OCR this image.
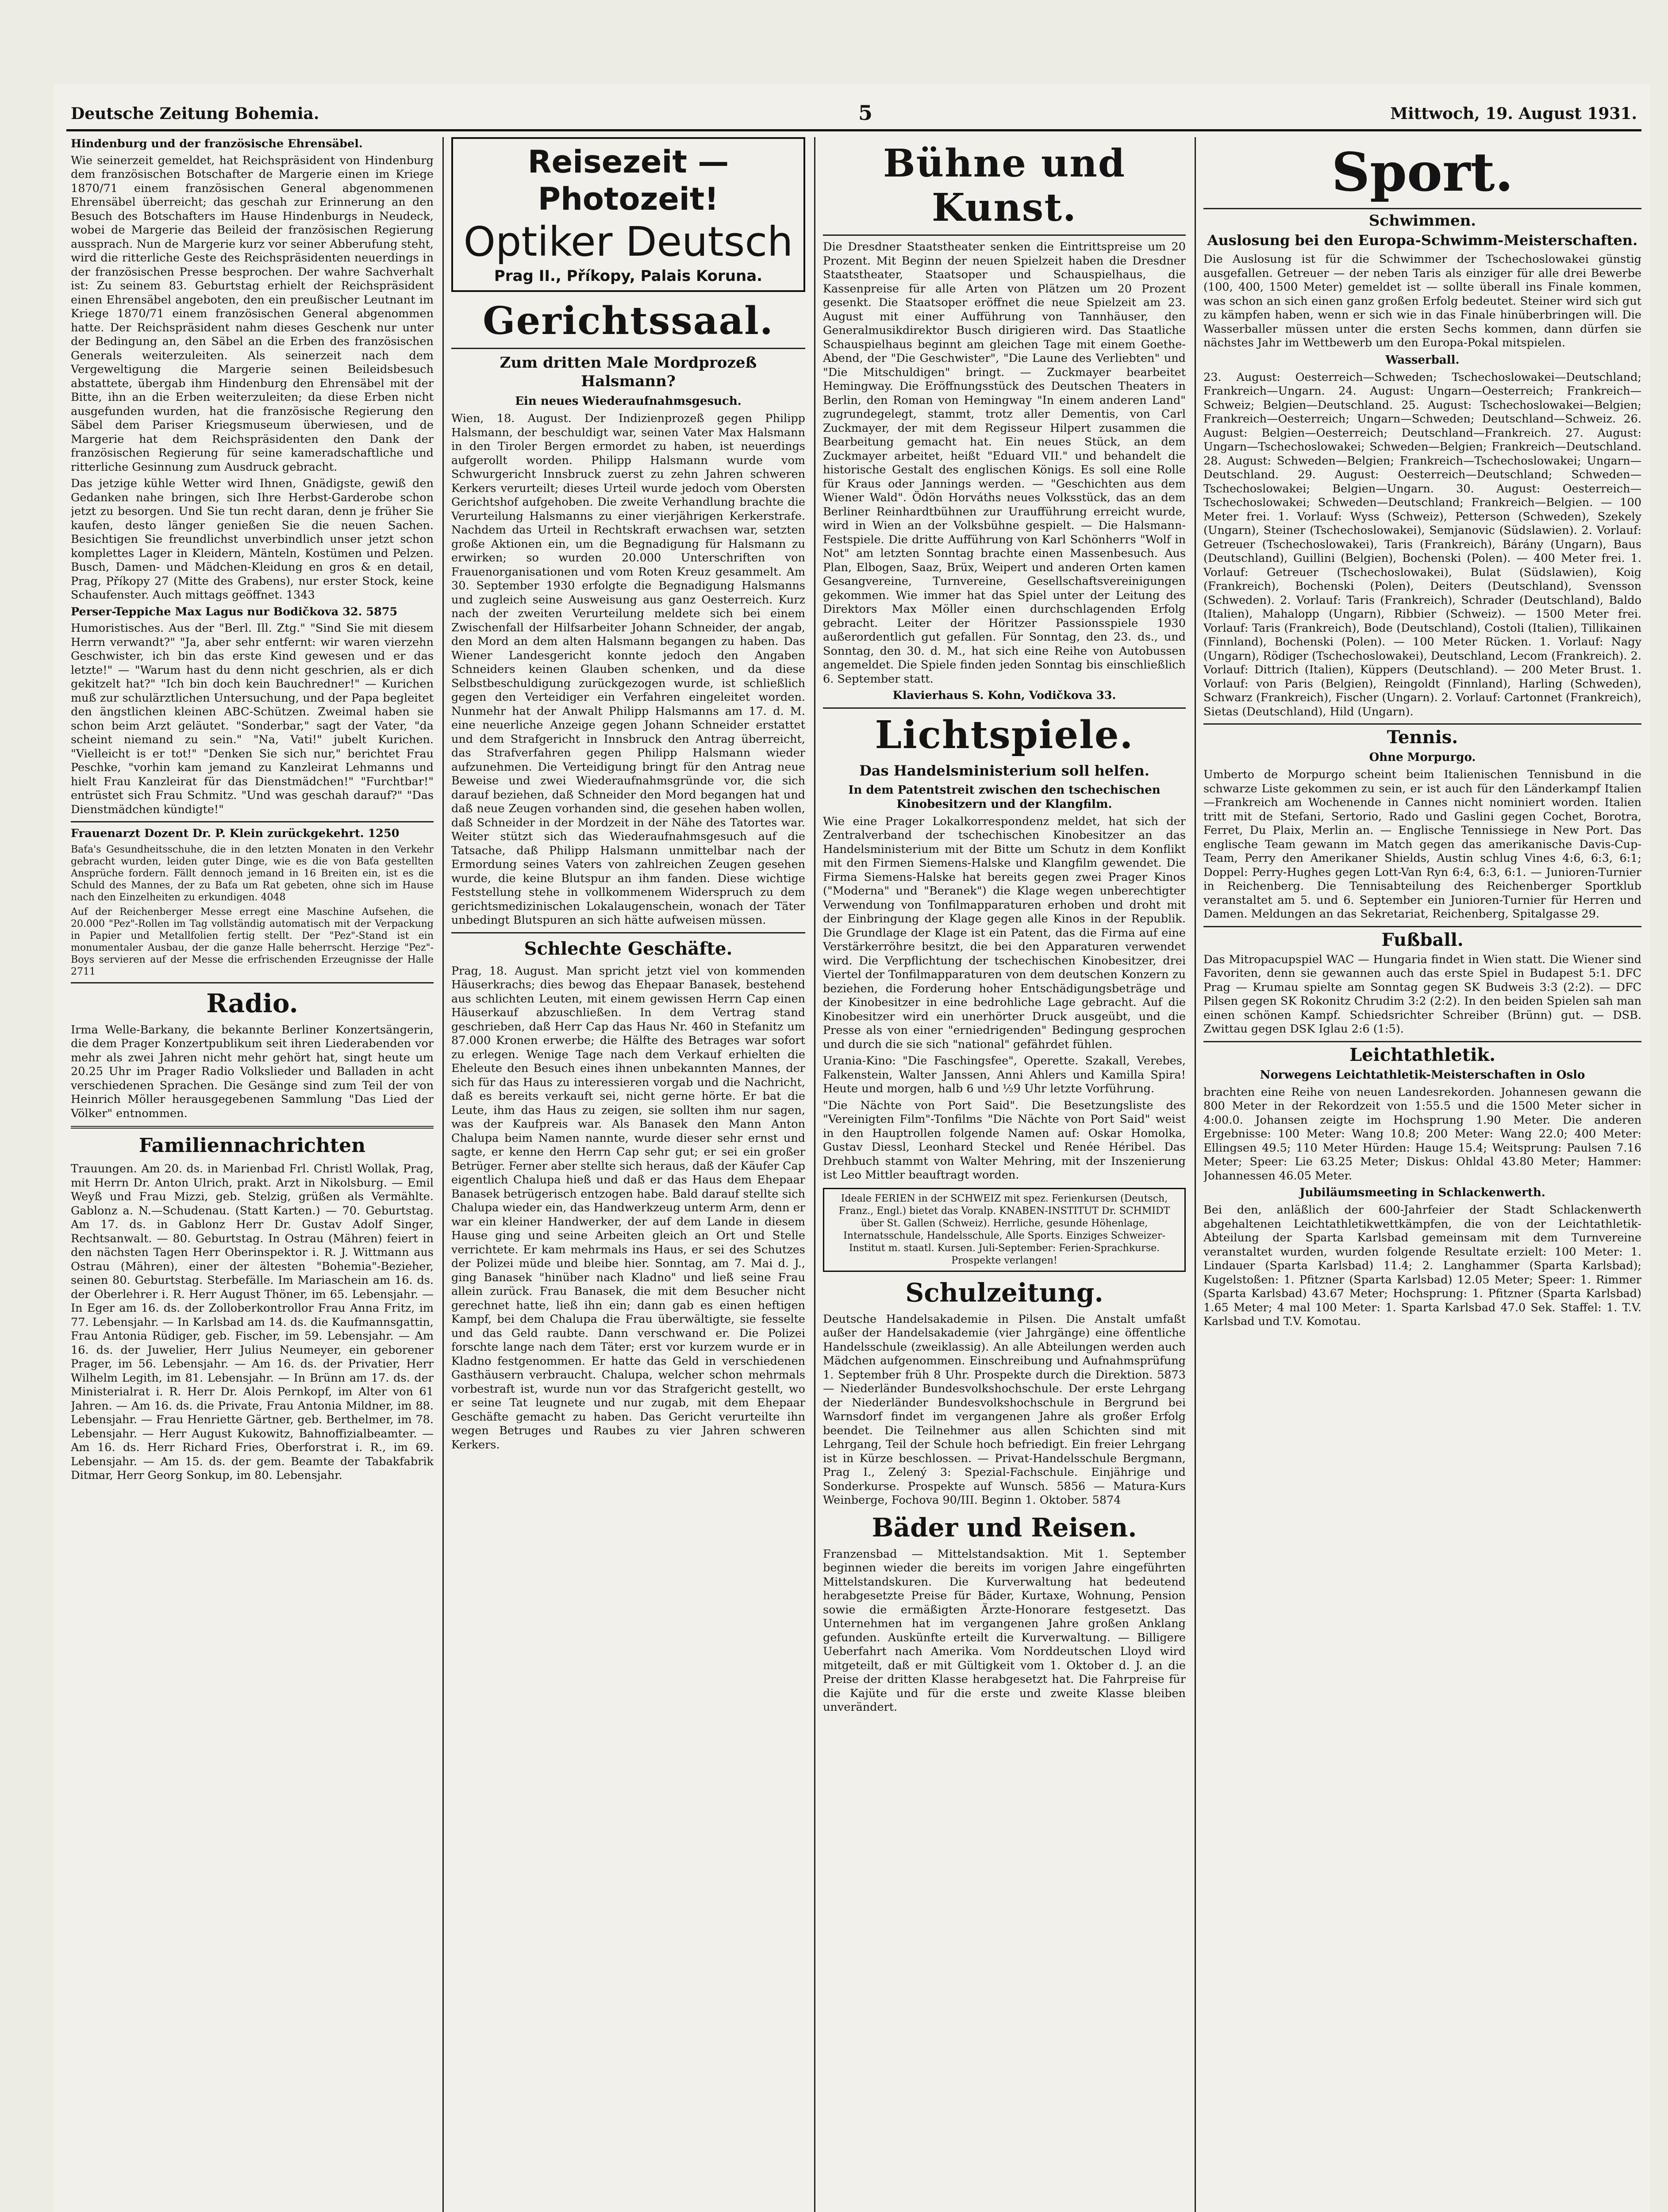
Deutsche Zeitung Bohemia.	5	Mittwoch, 19. August 1931.

Hindenburg und der französische Ehrensäbel.

Wie seinerzeit gemeldet, hat Reichspräsident von Hindenburg dem französischen Botschafter de Margerie einen im Kriege 1870/71 einem französischen General abgenommenen Ehrensäbel überreicht; das geschah zur Erinnerung an den Besuch des Botschafters im Hause Hindenburgs in Neudeck, wobei de Margerie das Beileid der französischen Regierung aussprach. Nun de Margerie kurz vor seiner Abberufung steht, wird die ritterliche Geste des Reichspräsidenten neuerdings in der französischen Presse besprochen. Der wahre Sachverhalt ist: Zu seinem 83. Geburtstag erhielt der Reichspräsident einen Ehrensäbel angeboten, den ein preußischer Leutnant im Kriege 1870/71 einem französischen General abgenommen hatte. Der Reichspräsident nahm dieses Geschenk nur unter der Bedingung an, den Säbel an die Erben des französischen Generals weiterzuleiten. Als seinerzeit nach dem Vergeweltigung die Margerie seinen Beileidsbesuch abstattete, übergab ihm Hindenburg den Ehrensäbel mit der Bitte, ihn an die Erben weiterzuleiten; da diese Erben nicht ausgefunden wurden, hat die französische Regierung den Säbel dem Pariser Kriegsmuseum überwiesen, und de Margerie hat dem Reichspräsidenten den Dank der französischen Regierung für seine kameradschaftliche und ritterliche Gesinnung zum Ausdruck gebracht.

Das jetzige kühle Wetter wird Ihnen, Gnädigste, gewiß den Gedanken nahe bringen, sich Ihre Herbst-Garderobe schon jetzt zu besorgen. Und Sie tun recht daran, denn je früher Sie kaufen, desto länger genießen Sie die neuen Sachen. Besichtigen Sie freundlichst unverbindlich unser jetzt schon komplettes Lager in Kleidern, Mänteln, Kostümen und Pelzen. Busch, Damen- und Mädchen-Kleidung en gros & en detail, Prag, Příkopy 27 (Mitte des Grabens), nur erster Stock, keine Schaufenster. Auch mittags geöffnet. 1343

Perser-Teppiche Max Lagus nur Bodičkova 32. 5875

Humoristisches. Aus der "Berl. Ill. Ztg." "Sind Sie mit diesem Herrn verwandt?" "Ja, aber sehr entfernt: wir waren vierzehn Geschwister, ich bin das erste Kind gewesen und er das letzte!" — "Warum hast du denn nicht geschrien, als er dich gekitzelt hat?" "Ich bin doch kein Bauchredner!" — Kurichen muß zur schulärztlichen Untersuchung, und der Papa begleitet den ängstlichen kleinen ABC-Schützen. Zweimal haben sie schon beim Arzt geläutet. "Sonderbar," sagt der Vater, "da scheint niemand zu sein." "Na, Vati!" jubelt Kurichen. "Vielleicht is er tot!" "Denken Sie sich nur," berichtet Frau Peschke, "vorhin kam jemand zu Kanzleirat Lehmanns und hielt Frau Kanzleirat für das Dienstmädchen!" "Furchtbar!" entrüstet sich Frau Schmitz. "Und was geschah darauf?" "Das Dienstmädchen kündigte!"

Frauenarzt Dozent Dr. P. Klein zurückgekehrt. 1250

Baťa's Gesundheitsschuhe, die in den letzten Monaten in den Verkehr gebracht wurden, leiden guter Dinge, wie es die von Baťa gestellten Ansprüche fordern. Fällt dennoch jemand in 16 Breiten ein, ist es die Schuld des Mannes, der zu Baťa um Rat gebeten, ohne sich im Hause nach den Einzelheiten zu erkundigen. 4048

Auf der Reichenberger Messe erregt eine Maschine Aufsehen, die 20.000 "Pez"-Rollen im Tag vollständig automatisch mit der Verpackung in Papier und Metallfolien fertig stellt. Der "Pez"-Stand ist ein monumentaler Ausbau, der die ganze Halle beherrscht. Herzige "Pez"-Boys servieren auf der Messe die erfrischenden Erzeugnisse der Halle 2711

Radio.

Irma Welle-Barkany, die bekannte Berliner Konzertsängerin, die dem Prager Konzertpublikum seit ihren Liederabenden vor mehr als zwei Jahren nicht mehr gehört hat, singt heute um 20.25 Uhr im Prager Radio Volkslieder und Balladen in acht verschiedenen Sprachen. Die Gesänge sind zum Teil der von Heinrich Möller herausgegebenen Sammlung "Das Lied der Völker" entnommen.

Familiennachrichten

Trauungen. Am 20. ds. in Marienbad Frl. Christl Wollak, Prag, mit Herrn Dr. Anton Ulrich, prakt. Arzt in Nikolsburg. — Emil Weyß und Frau Mizzi, geb. Stelzig, grüßen als Vermählte. Gablonz a. N.—Schudenau. (Statt Karten.) — 70. Geburtstag. Am 17. ds. in Gablonz Herr Dr. Gustav Adolf Singer, Rechtsanwalt. — 80. Geburtstag. In Ostrau (Mähren) feiert in den nächsten Tagen Herr Oberinspektor i. R. J. Wittmann aus Ostrau (Mähren), einer der ältesten "Bohemia"-Bezieher, seinen 80. Geburtstag. Sterbefälle. Im Mariaschein am 16. ds. der Oberlehrer i. R. Herr August Thöner, im 65. Lebensjahr. — In Eger am 16. ds. der Zolloberkontrollor Frau Anna Fritz, im 77. Lebensjahr. — In Karlsbad am 14. ds. die Kaufmannsgattin, Frau Antonia Rüdiger, geb. Fischer, im 59. Lebensjahr. — Am 16. ds. der Juwelier, Herr Julius Neumeyer, ein geborener Prager, im 56. Lebensjahr. — Am 16. ds. der Privatier, Herr Wilhelm Legith, im 81. Lebensjahr. — In Brünn am 17. ds. der Ministerialrat i. R. Herr Dr. Alois Pernkopf, im Alter von 61 Jahren. — Am 16. ds. die Private, Frau Antonia Mildner, im 88. Lebensjahr. — Frau Henriette Gärtner, geb. Berthelmer, im 78. Lebensjahr. — Herr August Kukowitz, Bahnoffizialbeamter. — Am 16. ds. Herr Richard Fries, Oberforstrat i. R., im 69. Lebensjahr. — Am 15. ds. der gem. Beamte der Tabakfabrik Ditmar, Herr Georg Sonkup, im 80. Lebensjahr.

Reisezeit — Photozeit!
Optiker Deutsch
Prag II., Příkopy, Palais Koruna.
Gerichtssaal.
Zum dritten Male Mordprozeß Halsmann?
Ein neues Wiederaufnahmsgesuch.

Wien, 18. August. Der Indizienprozeß gegen Philipp Halsmann, der beschuldigt war, seinen Vater Max Halsmann in den Tiroler Bergen ermordet zu haben, ist neuerdings aufgerollt worden. Philipp Halsmann wurde vom Schwurgericht Innsbruck zuerst zu zehn Jahren schweren Kerkers verurteilt; dieses Urteil wurde jedoch vom Obersten Gerichtshof aufgehoben. Die zweite Verhandlung brachte die Verurteilung Halsmanns zu einer vierjährigen Kerkerstrafe. Nachdem das Urteil in Rechtskraft erwachsen war, setzten große Aktionen ein, um die Begnadigung für Halsmann zu erwirken; so wurden 20.000 Unterschriften von Frauenorganisationen und vom Roten Kreuz gesammelt. Am 30. September 1930 erfolgte die Begnadigung Halsmanns und zugleich seine Ausweisung aus ganz Oesterreich. Kurz nach der zweiten Verurteilung meldete sich bei einem Zwischenfall der Hilfsarbeiter Johann Schneider, der angab, den Mord an dem alten Halsmann begangen zu haben. Das Wiener Landesgericht konnte jedoch den Angaben Schneiders keinen Glauben schenken, und da diese Selbstbeschuldigung zurückgezogen wurde, ist schließlich gegen den Verteidiger ein Verfahren eingeleitet worden. Nunmehr hat der Anwalt Philipp Halsmanns am 17. d. M. eine neuerliche Anzeige gegen Johann Schneider erstattet und dem Strafgericht in Innsbruck den Antrag überreicht, das Strafverfahren gegen Philipp Halsmann wieder aufzunehmen. Die Verteidigung bringt für den Antrag neue Beweise und zwei Wiederaufnahmsgründe vor, die sich darauf beziehen, daß Schneider den Mord begangen hat und daß neue Zeugen vorhanden sind, die gesehen haben wollen, daß Schneider in der Mordzeit in der Nähe des Tatortes war. Weiter stützt sich das Wiederaufnahmsgesuch auf die Tatsache, daß Philipp Halsmann unmittelbar nach der Ermordung seines Vaters von zahlreichen Zeugen gesehen wurde, die keine Blutspur an ihm fanden. Diese wichtige Feststellung stehe in vollkommenem Widerspruch zu dem gerichtsmedizinischen Lokalaugenschein, wonach der Täter unbedingt Blutspuren an sich hätte aufweisen müssen.

Schlechte Geschäfte.

Prag, 18. August. Man spricht jetzt viel von kommenden Häuserkrachs; dies bewog das Ehepaar Banasek, bestehend aus schlichten Leuten, mit einem gewissen Herrn Cap einen Häuserkauf abzuschließen. In dem Vertrag stand geschrieben, daß Herr Cap das Haus Nr. 460 in Stefanitz um 87.000 Kronen erwerbe; die Hälfte des Betrages war sofort zu erlegen. Wenige Tage nach dem Verkauf erhielten die Eheleute den Besuch eines ihnen unbekannten Mannes, der sich für das Haus zu interessieren vorgab und die Nachricht, daß es bereits verkauft sei, nicht gerne hörte. Er bat die Leute, ihm das Haus zu zeigen, sie sollten ihm nur sagen, was der Kaufpreis war. Als Banasek den Mann Anton Chalupa beim Namen nannte, wurde dieser sehr ernst und sagte, er kenne den Herrn Cap sehr gut; er sei ein großer Betrüger. Ferner aber stellte sich heraus, daß der Käufer Cap eigentlich Chalupa hieß und daß er das Haus dem Ehepaar Banasek betrügerisch entzogen habe. Bald darauf stellte sich Chalupa wieder ein, das Handwerkzeug unterm Arm, denn er war ein kleiner Handwerker, der auf dem Lande in diesem Hause ging und seine Arbeiten gleich an Ort und Stelle verrichtete. Er kam mehrmals ins Haus, er sei des Schutzes der Polizei müde und bleibe hier. Sonntag, am 7. Mai d. J., ging Banasek "hinüber nach Kladno" und ließ seine Frau allein zurück. Frau Banasek, die mit dem Besucher nicht gerechnet hatte, ließ ihn ein; dann gab es einen heftigen Kampf, bei dem Chalupa die Frau überwältigte, sie fesselte und das Geld raubte. Dann verschwand er. Die Polizei forschte lange nach dem Täter; erst vor kurzem wurde er in Kladno festgenommen. Er hatte das Geld in verschiedenen Gasthäusern verbraucht. Chalupa, welcher schon mehrmals vorbestraft ist, wurde nun vor das Strafgericht gestellt, wo er seine Tat leugnete und nur zugab, mit dem Ehepaar Geschäfte gemacht zu haben. Das Gericht verurteilte ihn wegen Betruges und Raubes zu vier Jahren schweren Kerkers.

Bühne und Kunst.

Die Dresdner Staatstheater senken die Eintrittspreise um 20 Prozent. Mit Beginn der neuen Spielzeit haben die Dresdner Staatstheater, Staatsoper und Schauspielhaus, die Kassenpreise für alle Arten von Plätzen um 20 Prozent gesenkt. Die Staatsoper eröffnet die neue Spielzeit am 23. August mit einer Aufführung von Tannhäuser, den Generalmusikdirektor Busch dirigieren wird. Das Staatliche Schauspielhaus beginnt am gleichen Tage mit einem Goethe-Abend, der "Die Geschwister", "Die Laune des Verliebten" und "Die Mitschuldigen" bringt. — Zuckmayer bearbeitet Hemingway. Die Eröffnungsstück des Deutschen Theaters in Berlin, den Roman von Hemingway "In einem anderen Land" zugrundegelegt, stammt, trotz aller Dementis, von Carl Zuckmayer, der mit dem Regisseur Hilpert zusammen die Bearbeitung gemacht hat. Ein neues Stück, an dem Zuckmayer arbeitet, heißt "Eduard VII." und behandelt die historische Gestalt des englischen Königs. Es soll eine Rolle für Kraus oder Jannings werden. — "Geschichten aus dem Wiener Wald". Ödön Horváths neues Volksstück, das an dem Berliner Reinhardtbühnen zur Uraufführung erreicht wurde, wird in Wien an der Volksbühne gespielt. — Die Halsmann-Festspiele. Die dritte Aufführung von Karl Schönherrs "Wolf in Not" am letzten Sonntag brachte einen Massenbesuch. Aus Plan, Elbogen, Saaz, Brüx, Weipert und anderen Orten kamen Gesangvereine, Turnvereine, Gesellschaftsvereinigungen gekommen. Wie immer hat das Spiel unter der Leitung des Direktors Max Möller einen durchschlagenden Erfolg gebracht. Leiter der Höritzer Passionsspiele 1930 außerordentlich gut gefallen. Für Sonntag, den 23. ds., und Sonntag, den 30. d. M., hat sich eine Reihe von Autobussen angemeldet. Die Spiele finden jeden Sonntag bis einschließlich 6. September statt.

Klavierhaus S. Kohn, Vodičkova 33.

Lichtspiele.
Das Handelsministerium soll helfen.
In dem Patentstreit zwischen den tschechischen Kinobesitzern und der Klangfilm.

Wie eine Prager Lokalkorrespondenz meldet, hat sich der Zentralverband der tschechischen Kinobesitzer an das Handelsministerium mit der Bitte um Schutz in dem Konflikt mit den Firmen Siemens-Halske und Klangfilm gewendet. Die Firma Siemens-Halske hat bereits gegen zwei Prager Kinos ("Moderna" und "Beranek") die Klage wegen unberechtigter Verwendung von Tonfilmapparaturen erhoben und droht mit der Einbringung der Klage gegen alle Kinos in der Republik. Die Grundlage der Klage ist ein Patent, das die Firma auf eine Verstärkerröhre besitzt, die bei den Apparaturen verwendet wird. Die Verpflichtung der tschechischen Kinobesitzer, drei Viertel der Tonfilmapparaturen von dem deutschen Konzern zu beziehen, die Forderung hoher Entschädigungsbeträge und der Kinobesitzer in eine bedrohliche Lage gebracht. Auf die Kinobesitzer wird ein unerhörter Druck ausgeübt, und die Presse als von einer "erniedrigenden" Bedingung gesprochen und durch die sie sich "national" gefährdet fühlen.

Urania-Kino: "Die Faschingsfee", Operette. Szakall, Verebes, Falkenstein, Walter Janssen, Anni Ahlers und Kamilla Spira! Heute und morgen, halb 6 und ½9 Uhr letzte Vorführung.

"Die Nächte von Port Said". Die Besetzungsliste des "Vereinigten Film"-Tonfilms "Die Nächte von Port Said" weist in den Hauptrollen folgende Namen auf: Oskar Homolka, Gustav Diessl, Leonhard Steckel und Renée Héribel. Das Drehbuch stammt von Walter Mehring, mit der Inszenierung ist Leo Mittler beauftragt worden.

Ideale FERIEN in der SCHWEIZ mit spez. Ferienkursen (Deutsch, Franz., Engl.) bietet das Voralp. KNABEN-INSTITUT Dr. SCHMIDT über St. Gallen (Schweiz). Herrliche, gesunde Höhenlage, Internatsschule, Handelsschule, Alle Sports. Einziges Schweizer-Institut m. staatl. Kursen. Juli-September: Ferien-Sprachkurse. Prospekte verlangen!
Schulzeitung.

Deutsche Handelsakademie in Pilsen. Die Anstalt umfaßt außer der Handelsakademie (vier Jahrgänge) eine öffentliche Handelsschule (zweiklassig). An alle Abteilungen werden auch Mädchen aufgenommen. Einschreibung und Aufnahmsprüfung 1. September früh 8 Uhr. Prospekte durch die Direktion. 5873 — Niederländer Bundesvolkshochschule. Der erste Lehrgang der Niederländer Bundesvolkshochschule in Bergrund bei Warnsdorf findet im vergangenen Jahre als großer Erfolg beendet. Die Teilnehmer aus allen Schichten sind mit Lehrgang, Teil der Schule hoch befriedigt. Ein freier Lehrgang ist in Kürze beschlossen. — Privat-Handelsschule Bergmann, Prag I., Zelený 3: Spezial-Fachschule. Einjährige und Sonderkurse. Prospekte auf Wunsch. 5856 — Matura-Kurs Weinberge, Fochova 90/III. Beginn 1. Oktober. 5874

Bäder und Reisen.

Franzensbad — Mittelstandsaktion. Mit 1. September beginnen wieder die bereits im vorigen Jahre eingeführten Mittelstandskuren. Die Kurverwaltung hat bedeutend herabgesetzte Preise für Bäder, Kurtaxe, Wohnung, Pension sowie die ermäßigten Ärzte-Honorare festgesetzt. Das Unternehmen hat im vergangenen Jahre großen Anklang gefunden. Auskünfte erteilt die Kurverwaltung. — Billigere Ueberfahrt nach Amerika. Vom Norddeutschen Lloyd wird mitgeteilt, daß er mit Gültigkeit vom 1. Oktober d. J. an die Preise der dritten Klasse herabgesetzt hat. Die Fahrpreise für die Kajüte und für die erste und zweite Klasse bleiben unverändert.

Sport.
Schwimmen.
Auslosung bei den Europa-Schwimm-Meisterschaften.

Die Auslosung ist für die Schwimmer der Tschechoslowakei günstig ausgefallen. Getreuer — der neben Taris als einziger für alle drei Bewerbe (100, 400, 1500 Meter) gemeldet ist — sollte überall ins Finale kommen, was schon an sich einen ganz großen Erfolg bedeutet. Steiner wird sich gut zu kämpfen haben, wenn er sich wie in das Finale hinüberbringen will. Die Wasserballer müssen unter die ersten Sechs kommen, dann dürfen sie nächstes Jahr im Wettbewerb um den Europa-Pokal mitspielen.

Wasserball.

23. August: Oesterreich—Schweden; Tschechoslowakei—Deutschland; Frankreich—Ungarn. 24. August: Ungarn—Oesterreich; Frankreich—Schweiz; Belgien—Deutschland. 25. August: Tschechoslowakei—Belgien; Frankreich—Oesterreich; Ungarn—Schweden; Deutschland—Schweiz. 26. August: Belgien—Oesterreich; Deutschland—Frankreich. 27. August: Ungarn—Tschechoslowakei; Schweden—Belgien; Frankreich—Deutschland. 28. August: Schweden—Belgien; Frankreich—Tschechoslowakei; Ungarn—Deutschland. 29. August: Oesterreich—Deutschland; Schweden—Tschechoslowakei; Belgien—Ungarn. 30. August: Oesterreich—Tschechoslowakei; Schweden—Deutschland; Frankreich—Belgien. — 100 Meter frei. 1. Vorlauf: Wyss (Schweiz), Petterson (Schweden), Szekely (Ungarn), Steiner (Tschechoslowakei), Semjanovic (Südslawien). 2. Vorlauf: Getreuer (Tschechoslowakei), Taris (Frankreich), Bárány (Ungarn), Baus (Deutschland), Guillini (Belgien), Bochenski (Polen). — 400 Meter frei. 1. Vorlauf: Getreuer (Tschechoslowakei), Bulat (Südslawien), Koig (Frankreich), Bochenski (Polen), Deiters (Deutschland), Svensson (Schweden). 2. Vorlauf: Taris (Frankreich), Schrader (Deutschland), Baldo (Italien), Mahalopp (Ungarn), Ribbier (Schweiz). — 1500 Meter frei. Vorlauf: Taris (Frankreich), Bode (Deutschland), Costoli (Italien), Tillikainen (Finnland), Bochenski (Polen). — 100 Meter Rücken. 1. Vorlauf: Nagy (Ungarn), Rödiger (Tschechoslowakei), Deutschland, Lecom (Frankreich). 2. Vorlauf: Dittrich (Italien), Küppers (Deutschland). — 200 Meter Brust. 1. Vorlauf: von Paris (Belgien), Reingoldt (Finnland), Harling (Schweden), Schwarz (Frankreich), Fischer (Ungarn). 2. Vorlauf: Cartonnet (Frankreich), Sietas (Deutschland), Hild (Ungarn).

Tennis.
Ohne Morpurgo.

Umberto de Morpurgo scheint beim Italienischen Tennisbund in die schwarze Liste gekommen zu sein, er ist auch für den Länderkampf Italien—Frankreich am Wochenende in Cannes nicht nominiert worden. Italien tritt mit de Stefani, Sertorio, Rado und Gaslini gegen Cochet, Borotra, Ferret, Du Plaix, Merlin an. — Englische Tennissiege in New Port. Das englische Team gewann im Match gegen das amerikanische Davis-Cup-Team, Perry den Amerikaner Shields, Austin schlug Vines 4:6, 6:3, 6:1; Doppel: Perry-Hughes gegen Lott-Van Ryn 6:4, 6:3, 6:1. — Junioren-Turnier in Reichenberg. Die Tennisabteilung des Reichenberger Sportklub veranstaltet am 5. und 6. September ein Junioren-Turnier für Herren und Damen. Meldungen an das Sekretariat, Reichenberg, Spitalgasse 29.

Fußball.

Das Mitropacupspiel WAC — Hungaria findet in Wien statt. Die Wiener sind Favoriten, denn sie gewannen auch das erste Spiel in Budapest 5:1. DFC Prag — Krumau spielte am Sonntag gegen SK Budweis 3:3 (2:2). — DFC Pilsen gegen SK Rokonitz Chrudim 3:2 (2:2). In den beiden Spielen sah man einen schönen Kampf. Schiedsrichter Schreiber (Brünn) gut. — DSB. Zwittau gegen DSK Iglau 2:6 (1:5).

Leichtathletik.
Norwegens Leichtathletik-Meisterschaften in Oslo

brachten eine Reihe von neuen Landesrekorden. Johannesen gewann die 800 Meter in der Rekordzeit von 1:55.5 und die 1500 Meter sicher in 4:00.0. Johansen zeigte im Hochsprung 1.90 Meter. Die anderen Ergebnisse: 100 Meter: Wang 10.8; 200 Meter: Wang 22.0; 400 Meter: Ellingsen 49.5; 110 Meter Hürden: Hauge 15.4; Weitsprung: Paulsen 7.16 Meter; Speer: Lie 63.25 Meter; Diskus: Ohldal 43.80 Meter; Hammer: Johannessen 46.05 Meter.

Jubiläumsmeeting in Schlackenwerth.

Bei den, anläßlich der 600-Jahrfeier der Stadt Schlackenwerth abgehaltenen Leichtathletikwettkämpfen, die von der Leichtathletik-Abteilung der Sparta Karlsbad gemeinsam mit dem Turnvereine veranstaltet wurden, wurden folgende Resultate erzielt: 100 Meter: 1. Lindauer (Sparta Karlsbad) 11.4; 2. Langhammer (Sparta Karlsbad); Kugelstoßen: 1. Pfitzner (Sparta Karlsbad) 12.05 Meter; Speer: 1. Rimmer (Sparta Karlsbad) 43.67 Meter; Hochsprung: 1. Pfitzner (Sparta Karlsbad) 1.65 Meter; 4 mal 100 Meter: 1. Sparta Karlsbad 47.0 Sek. Staffel: 1. T.V. Karlsbad und T.V. Komotau.
